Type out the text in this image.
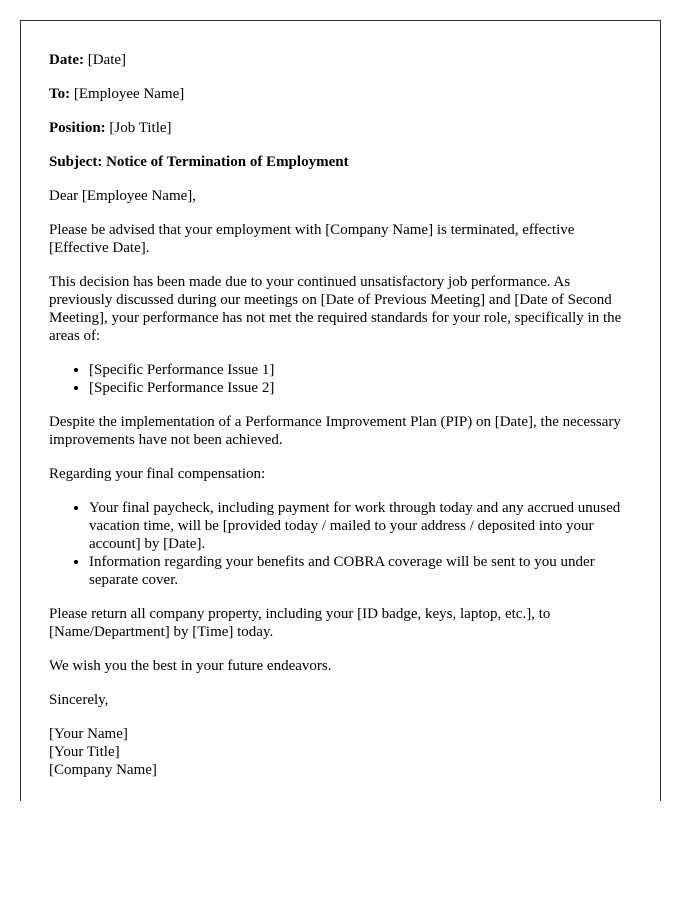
Date: [Date]

To: [Employee Name]

Position: [Job Title]

Subject: Notice of Termination of Employment

Dear [Employee Name],

Please be advised that your employment with [Company Name] is terminated, effective [Effective Date].

This decision has been made due to your continued unsatisfactory job performance. As previously discussed during our meetings on [Date of Previous Meeting] and [Date of Second Meeting], your performance has not met the required standards for your role, specifically in the areas of:

• [Specific Performance Issue 1]
• [Specific Performance Issue 2]

Despite the implementation of a Performance Improvement Plan (PIP) on [Date], the necessary improvements have not been achieved.

Regarding your final compensation:

• Your final paycheck, including payment for work through today and any accrued unused vacation time, will be [provided today / mailed to your address / deposited into your account] by [Date].
• Information regarding your benefits and COBRA coverage will be sent to you under separate cover.

Please return all company property, including your [ID badge, keys, laptop, etc.], to [Name/Department] by [Time] today.

We wish you the best in your future endeavors.

Sincerely,

[Your Name]
[Your Title]
[Company Name]
